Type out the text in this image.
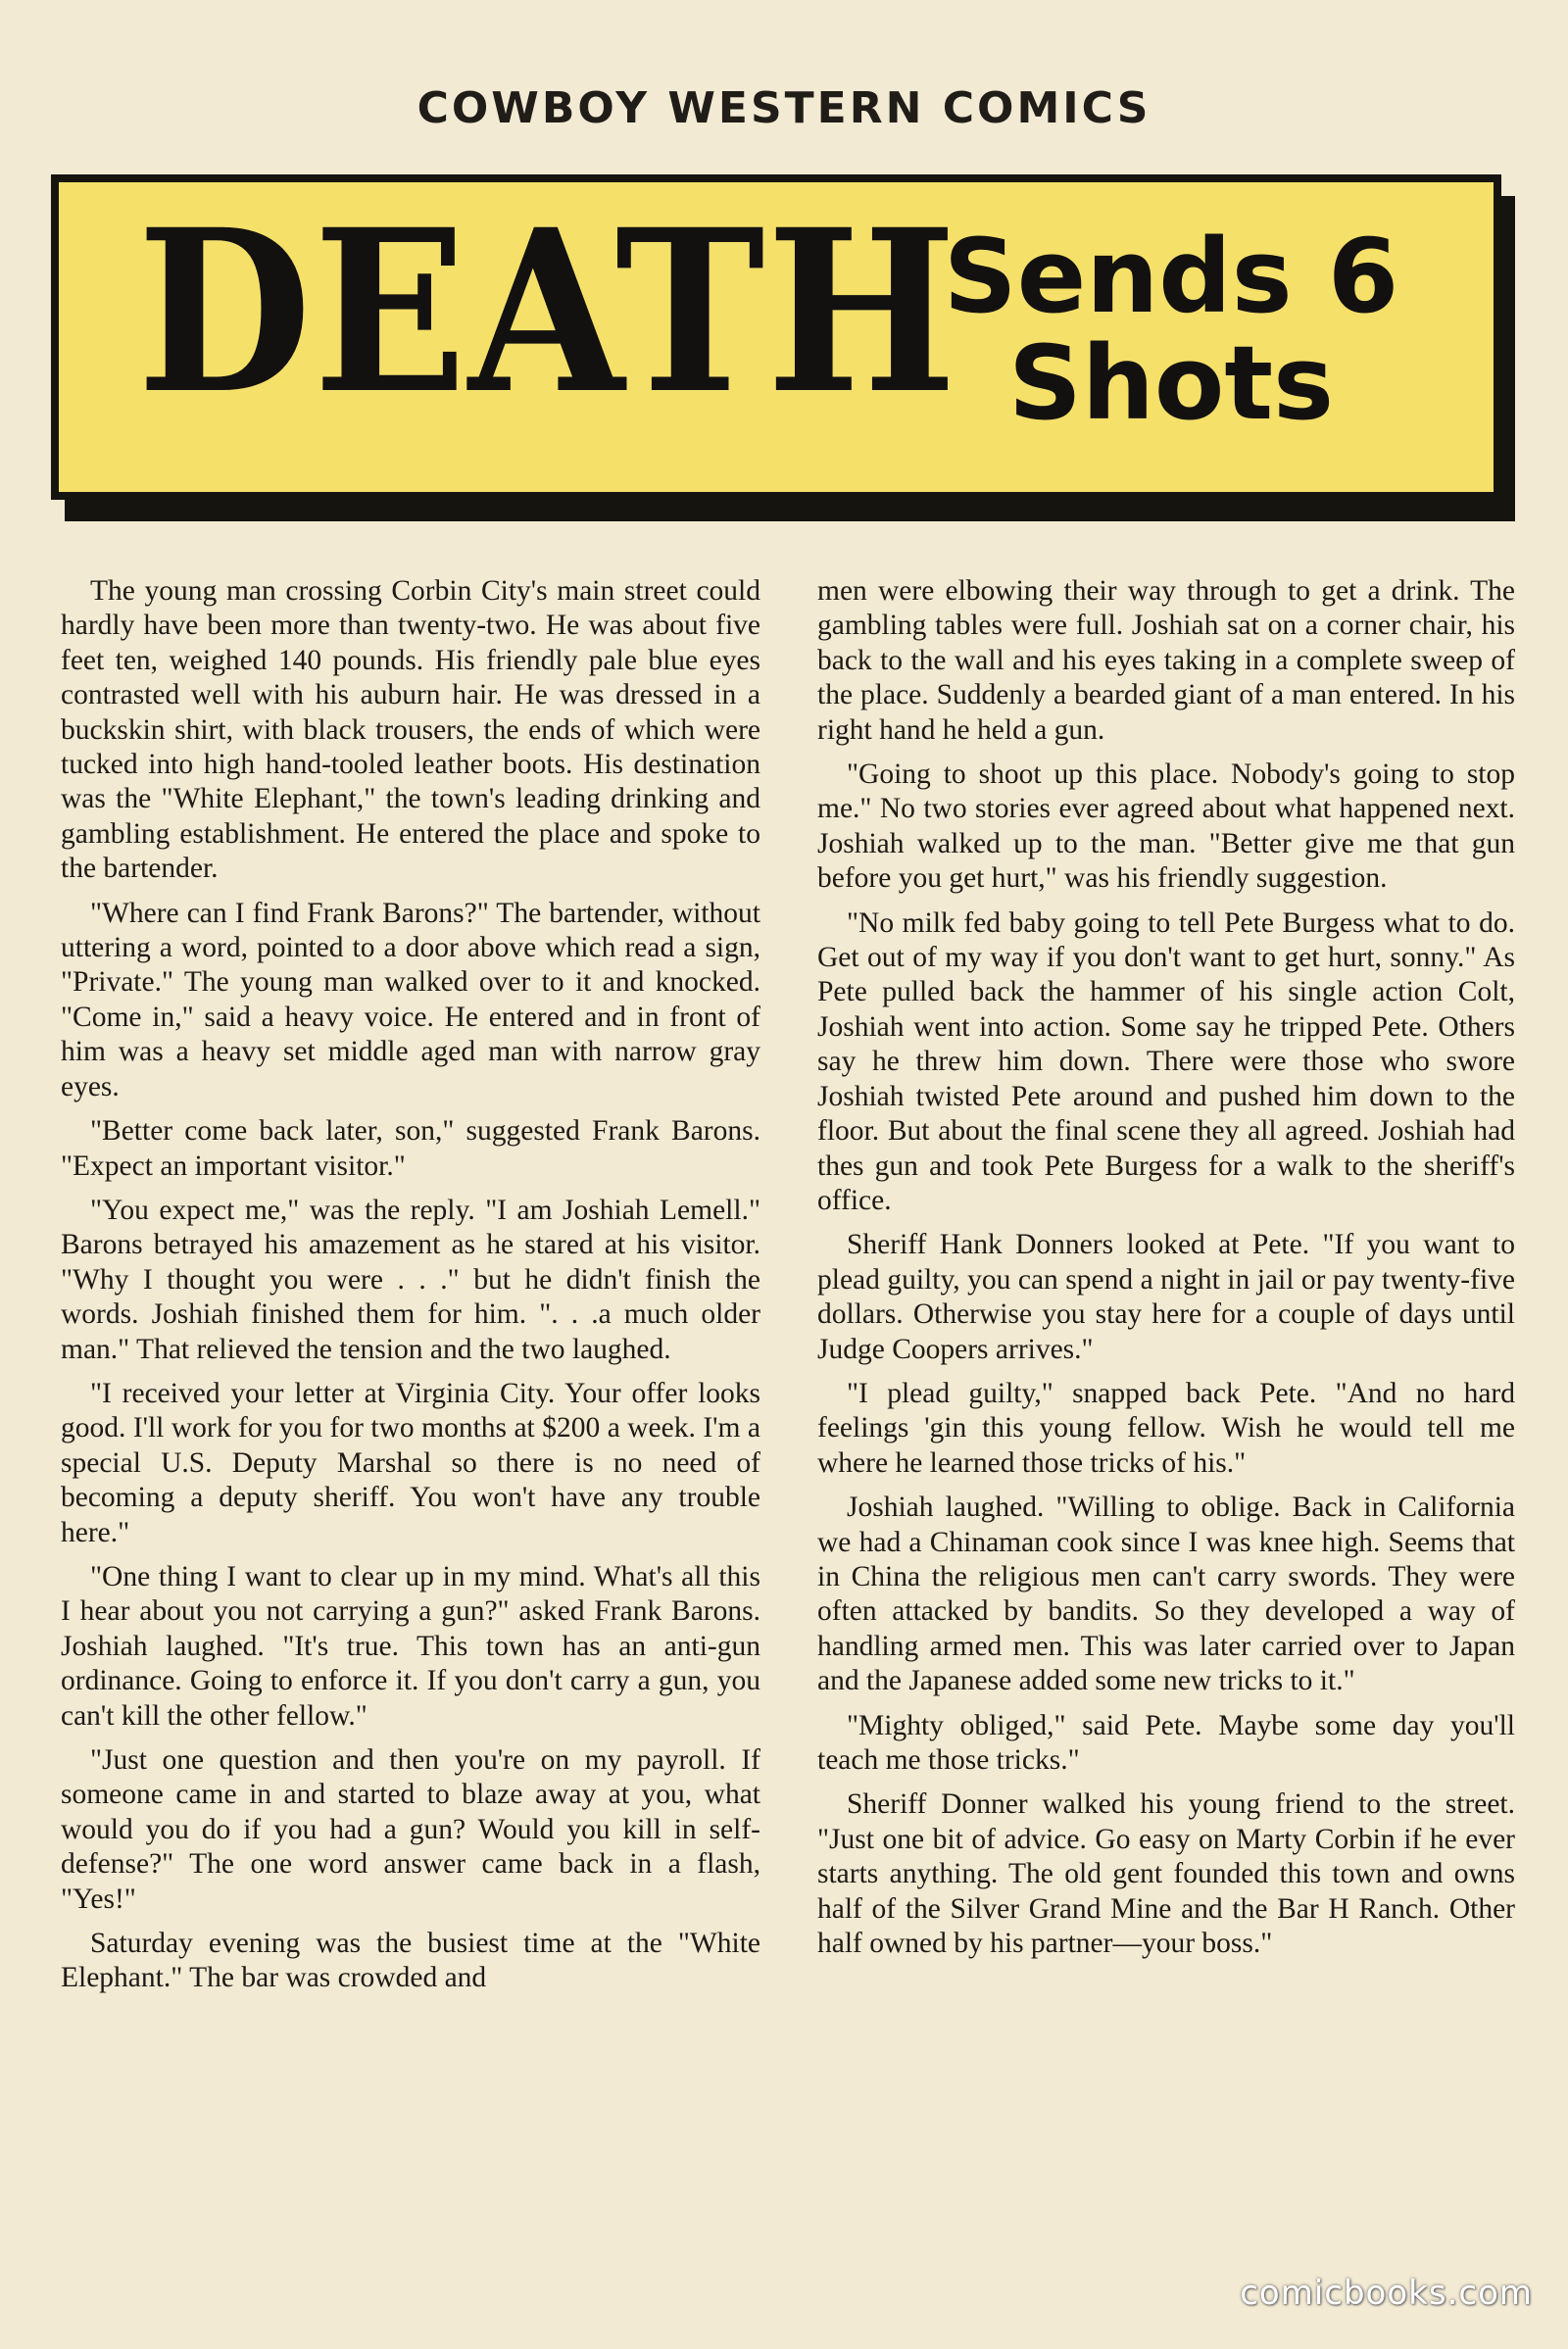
COWBOY WESTERN COMICS
DEATH
Sends 6
Shots

The young man crossing Corbin City's main street could hardly have been more than twenty-two. He was about five feet ten, weighed 140 pounds. His friendly pale blue eyes contrasted well with his auburn hair. He was dressed in a buckskin shirt, with black trousers, the ends of which were tucked into high hand-tooled leather boots. His destination was the "White Elephant," the town's leading drinking and gambling establishment. He entered the place and spoke to the bartender.

"Where can I find Frank Barons?" The bartender, without uttering a word, pointed to a door above which read a sign, "Private." The young man walked over to it and knocked. "Come in," said a heavy voice. He entered and in front of him was a heavy set middle aged man with narrow gray eyes.

"Better come back later, son," suggested Frank Barons. "Expect an important visitor."

"You expect me," was the reply. "I am Joshiah Lemell." Barons betrayed his amazement as he stared at his visitor. "Why I thought you were . . ." but he didn't finish the words. Joshiah finished them for him. ". . .a much older man." That relieved the tension and the two laughed.

"I received your letter at Virginia City. Your offer looks good. I'll work for you for two months at $200 a week. I'm a special U.S. Deputy Marshal so there is no need of becoming a deputy sheriff. You won't have any trouble here."

"One thing I want to clear up in my mind. What's all this I hear about you not carrying a gun?" asked Frank Barons. Joshiah laughed. "It's true. This town has an anti-gun ordinance. Going to enforce it. If you don't carry a gun, you can't kill the other fellow."

"Just one question and then you're on my payroll. If someone came in and started to blaze away at you, what would you do if you had a gun? Would you kill in self-defense?" The one word answer came back in a flash, "Yes!"

Saturday evening was the busiest time at the "White Elephant." The bar was crowded and

men were elbowing their way through to get a drink. The gambling tables were full. Joshiah sat on a corner chair, his back to the wall and his eyes taking in a complete sweep of the place. Suddenly a bearded giant of a man entered. In his right hand he held a gun.

"Going to shoot up this place. Nobody's going to stop me." No two stories ever agreed about what happened next. Joshiah walked up to the man. "Better give me that gun before you get hurt," was his friendly suggestion.

"No milk fed baby going to tell Pete Burgess what to do. Get out of my way if you don't want to get hurt, sonny." As Pete pulled back the hammer of his single action Colt, Joshiah went into action. Some say he tripped Pete. Others say he threw him down. There were those who swore Joshiah twisted Pete around and pushed him down to the floor. But about the final scene they all agreed. Joshiah had thes gun and took Pete Burgess for a walk to the sheriff's office.

Sheriff Hank Donners looked at Pete. "If you want to plead guilty, you can spend a night in jail or pay twenty-five dollars. Otherwise you stay here for a couple of days until Judge Coopers arrives."

"I plead guilty," snapped back Pete. "And no hard feelings 'gin this young fellow. Wish he would tell me where he learned those tricks of his."

Joshiah laughed. "Willing to oblige. Back in California we had a Chinaman cook since I was knee high. Seems that in China the religious men can't carry swords. They were often attacked by bandits. So they developed a way of handling armed men. This was later carried over to Japan and the Japanese added some new tricks to it."

"Mighty obliged," said Pete. Maybe some day you'll teach me those tricks."

Sheriff Donner walked his young friend to the street. "Just one bit of advice. Go easy on Marty Corbin if he ever starts anything. The old gent founded this town and owns half of the Silver Grand Mine and the Bar H Ranch. Other half owned by his partner—your boss."

comicbooks.com
